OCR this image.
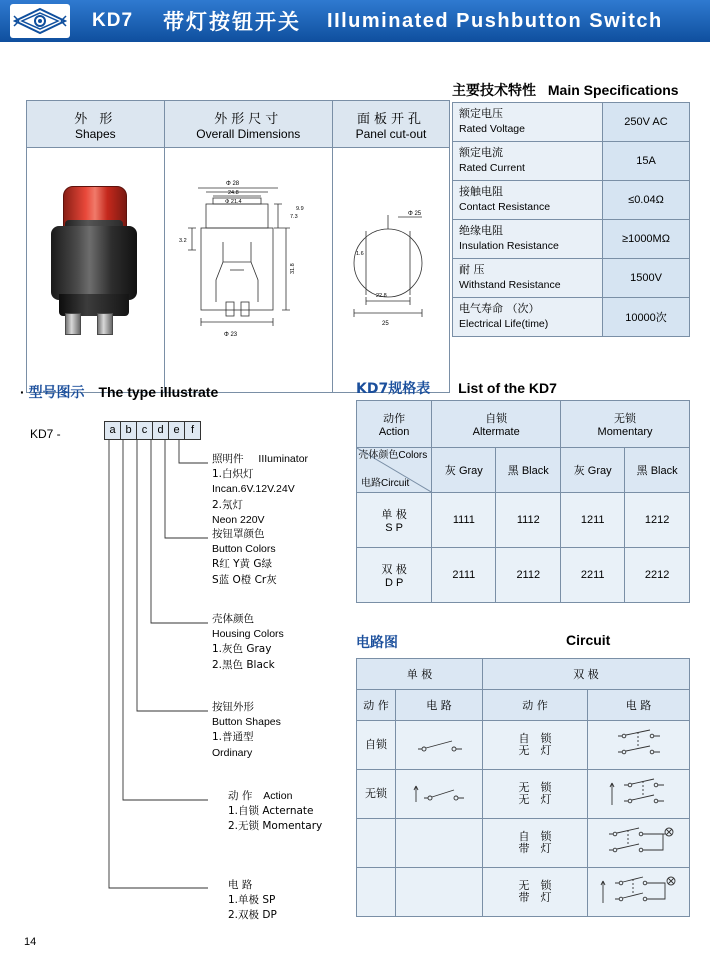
KD7 带灯按钮开关 IIluminated Pushbutton Switch
外 形
Shapes	外形尺寸
Overall Dimensions	面板开孔
Panel cut-out

Φ 28
24.8
Φ 21.4
3.2
7.3
9.9
31.8
Φ 23

Φ 25
1.6
22.8
25
主要技术特性 Main Specifications
额定电压
Rated Voltage	250V AC
额定电流
Rated Current	15A
接触电阻
Contact Resistance	≤0.04Ω
绝缘电阻
Insulation Resistance	≥1000MΩ
耐 压
Withstand Resistance	1500V
电气寿命 （次）
Electrical Life(time)	10000次
· 型号图示 The type illustrate
KD7 -	a b c d e	f
照明件 IIIuminator
1.白炽灯
Incan.6V.12V.24V
2.氖灯
Neon 220V
按钮罩颜色
Button Colors
R红 Y黄 G绿
S蓝 O橙 Cr灰
壳体颜色
Housing Colors
1.灰色 Gray
2.黑色 Black
按钮外形
Button Shapes
1.普通型
Ordinary
动 作 Action
1.自锁 Acternate
2.无锁 Momentary
电 路
1.单极 SP
2.双极 DP
KD7规格表 List of the KD7
动作
Action	自锁
Altermate		无锁
Momentary	

壳体颜色Colors
电路Circuit	灰 Gray	黑 Black	灰 Gray	黑 Black
单 极
S P	1111	1112	1211	1212
双 极
D P	2111	2112	2211	2212
电路图	Circuit
单 极		双 极	
动 作	电 路	动 作	电 路
自锁		自　锁
无　灯	
无锁		无　锁
无　灯	
		自　锁
带　灯	
		无　锁
带　灯	
14
